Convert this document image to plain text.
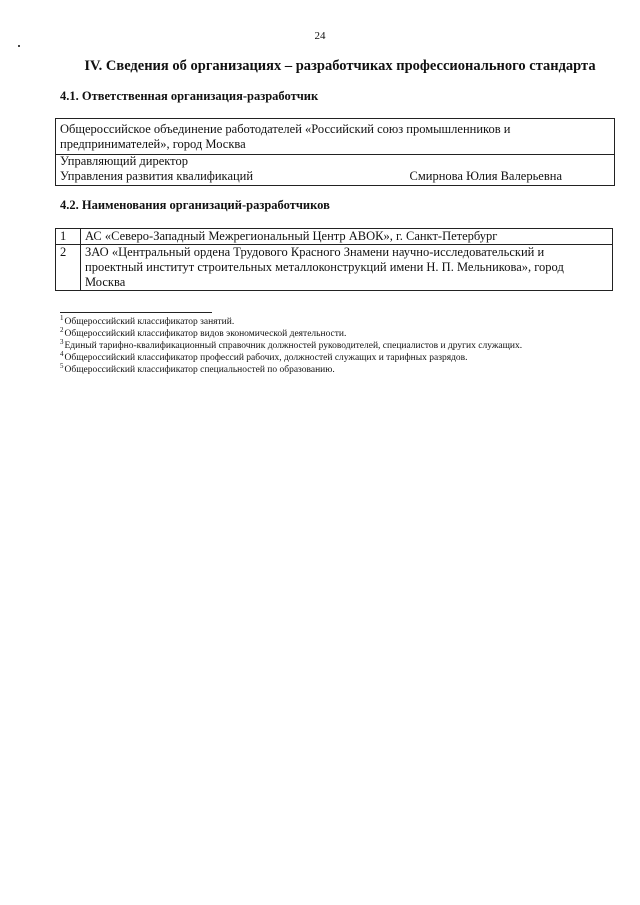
24
IV. Сведения об организациях – разработчиках профессионального стандарта
4.1. Ответственная организация-разработчик
Общероссийское объединение работодателей «Российский союз промышленников и
предпринимателей», город Москва
Управляющий директор
Управления развития квалификаций	Смирнова Юлия Валерьевна
4.2. Наименования организаций-разработчиков
1	АС «Северо-Западный Межрегиональный Центр АВОК», г. Санкт-Петербург

2	ЗАО «Центральный ордена Трудового Красного Знамени научно-исследовательский и
проектный институт строительных металлоконструкций имени Н. П. Мельникова», город
Москва
$^1$Общероссийский классификатор занятий.
$^2$Общероссийский классификатор видов экономической деятельности.
$^3$Единый тарифно-квалификационный справочник должностей руководителей, специалистов и других служащих.
$^4$Общероссийский классификатор профессий рабочих, должностей служащих и тарифных разрядов.
$^5$Общероссийский классификатор специальностей по образованию.
